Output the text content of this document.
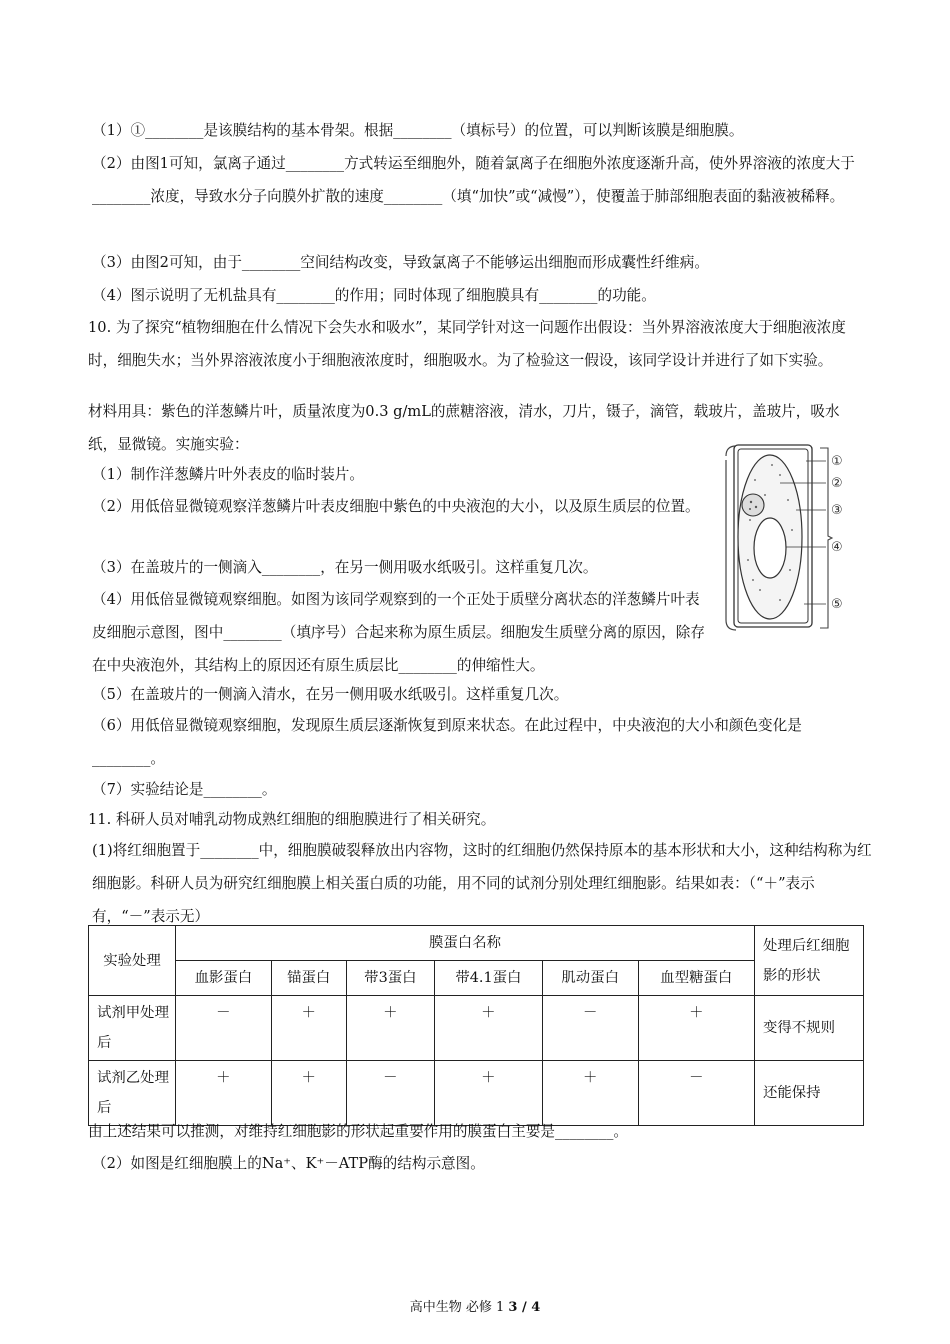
（1）①________是该膜结构的基本骨架。根据________（填标号）的位置，可以判断该膜是细胞膜。

（2）由图1可知，氯离子通过________方式转运至细胞外，随着氯离子在细胞外浓度逐渐升高，使外界溶液的浓度大于________浓度，导致水分子向膜外扩散的速度________（填“加快”或“减慢”），使覆盖于肺部细胞表面的黏液被稀释。

（3）由图2可知，由于________空间结构改变，导致氯离子不能够运出细胞而形成囊性纤维病。

（4）图示说明了无机盐具有________的作用；同时体现了细胞膜具有________的功能。

10. 为了探究“植物细胞在什么情况下会失水和吸水”，某同学针对这一问题作出假设：当外界溶液浓度大于细胞液浓度时，细胞失水；当外界溶液浓度小于细胞液浓度时，细胞吸水。为了检验这一假设，该同学设计并进行了如下实验。

材料用具：紫色的洋葱鳞片叶，质量浓度为0.3 g/mL的蔗糖溶液，清水，刀片，镊子，滴管，载玻片，盖玻片，吸水纸，显微镜。实施实验：

（1）制作洋葱鳞片叶外表皮的临时装片。

（2）用低倍显微镜观察洋葱鳞片叶表皮细胞中紫色的中央液泡的大小，以及原生质层的位置。

（3）在盖玻片的一侧滴入________，在另一侧用吸水纸吸引。这样重复几次。

（4）用低倍显微镜观察细胞。如图为该同学观察到的一个正处于质壁分离状态的洋葱鳞片叶表皮细胞示意图，图中________（填序号）合起来称为原生质层。细胞发生质壁分离的原因，除存在中央液泡外，其结构上的原因还有原生质层比________的伸缩性大。

（5）在盖玻片的一侧滴入清水，在另一侧用吸水纸吸引。这样重复几次。

（6）用低倍显微镜观察细胞，发现原生质层逐渐恢复到原来状态。在此过程中，中央液泡的大小和颜色变化是________。

（7）实验结论是________。

11. 科研人员对哺乳动物成熟红细胞的细胞膜进行了相关研究。

(1)将红细胞置于________中，细胞膜破裂释放出内容物，这时的红细胞仍然保持原本的基本形状和大小，这种结构称为红细胞影。科研人员为研究红细胞膜上相关蛋白质的功能，用不同的试剂分别处理红细胞影。结果如表：（“＋”表示有，“－”表示无）

①
②
③
④
⑤
实验处理	膜蛋白名称						处理后红细胞影的形状
	血影蛋白	锚蛋白	带3蛋白	带4.1蛋白	肌动蛋白	血型糖蛋白	
试剂甲处理后	－	＋	＋	＋	－	＋	变得不规则
试剂乙处理后	＋	＋	－	＋	＋	－	还能保持

由上述结果可以推测，对维持红细胞影的形状起重要作用的膜蛋白主要是________。

（2）如图是红细胞膜上的Na⁺、K⁺－ATP酶的结构示意图。

高中生物 必修 1 3 / 4
